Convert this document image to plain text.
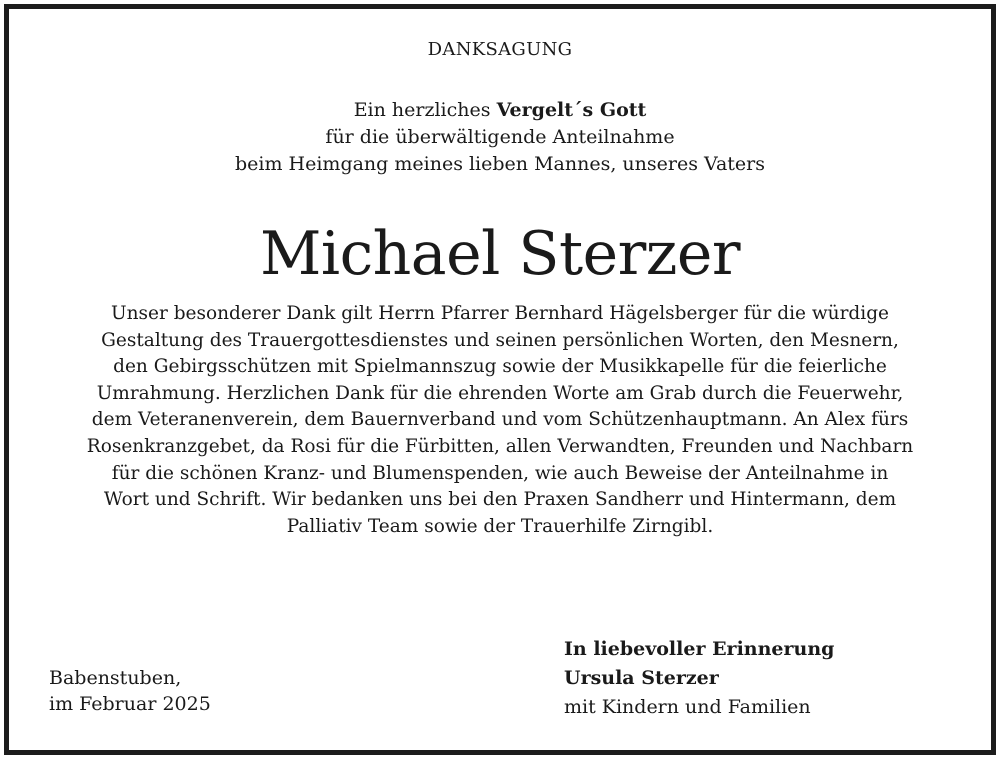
DANKSAGUNG
Ein herzliches Vergelt´s Gott
für die überwältigende Anteilnahme
beim Heimgang meines lieben Mannes, unseres Vaters
Michael Sterzer
Unser besonderer Dank gilt Herrn Pfarrer Bernhard Hägelsberger für die würdige
Gestaltung des Trauergottesdienstes und seinen persönlichen Worten, den Mesnern,
den Gebirgsschützen mit Spielmannszug sowie der Musikkapelle für die feierliche
Umrahmung. Herzlichen Dank für die ehrenden Worte am Grab durch die Feuerwehr,
dem Veteranenverein, dem Bauernverband und vom Schützenhauptmann. An Alex fürs
Rosenkranzgebet, da Rosi für die Fürbitten, allen Verwandten, Freunden und Nachbarn
für die schönen Kranz- und Blumenspenden, wie auch Beweise der Anteilnahme in
Wort und Schrift. Wir bedanken uns bei den Praxen Sandherr und Hintermann, dem
Palliativ Team sowie der Trauerhilfe Zirngibl.
Babenstuben,
im Februar 2025
In liebevoller Erinnerung
Ursula Sterzer
mit Kindern und Familien
